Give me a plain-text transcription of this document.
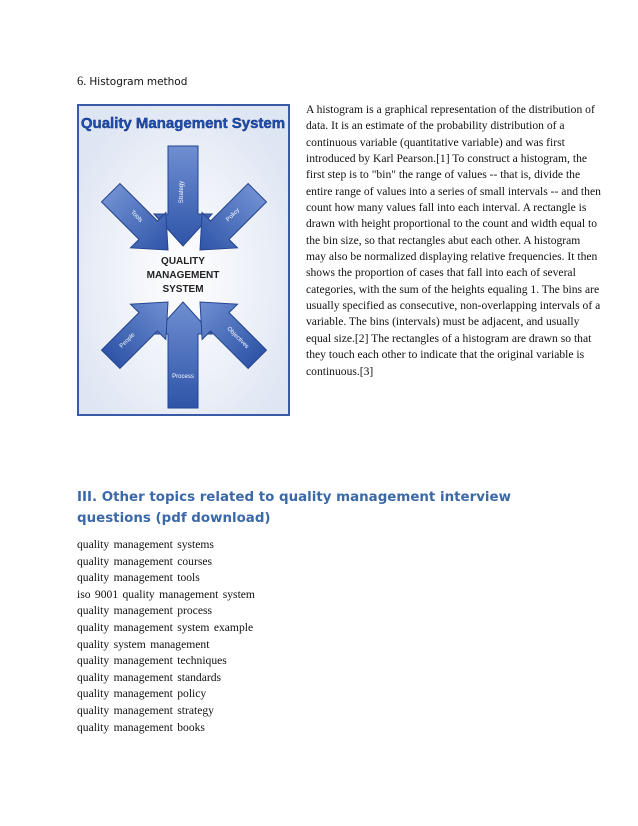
6. Histogram method
Quality Management System
Strategy
Process
Tools	Policy
People	Objectives
QUALITY
MANAGEMENT
SYSTEM
A histogram is a graphical representation of the distribution of data. It is an estimate of the probability distribution of a continuous variable (quantitative variable) and was first introduced by Karl Pearson.[1] To construct a histogram, the first step is to "bin" the range of values -- that is, divide the entire range of values into a series of small intervals -- and then count how many values fall into each interval. A rectangle is drawn with height proportional to the count and width equal to the bin size, so that rectangles abut each other. A histogram may also be normalized displaying relative frequencies. It then shows the proportion of cases that fall into each of several categories, with the sum of the heights equaling 1. The bins are usually specified as consecutive, non-overlapping intervals of a variable. The bins (intervals) must be adjacent, and usually equal size.[2] The rectangles of a histogram are drawn so that they touch each other to indicate that the original variable is continuous.[3]
III. Other topics related to quality management interview questions (pdf download)
quality management systems
quality management courses
quality management tools
iso 9001 quality management system
quality management process
quality management system example
quality system management
quality management techniques
quality management standards
quality management policy
quality management strategy
quality management books
